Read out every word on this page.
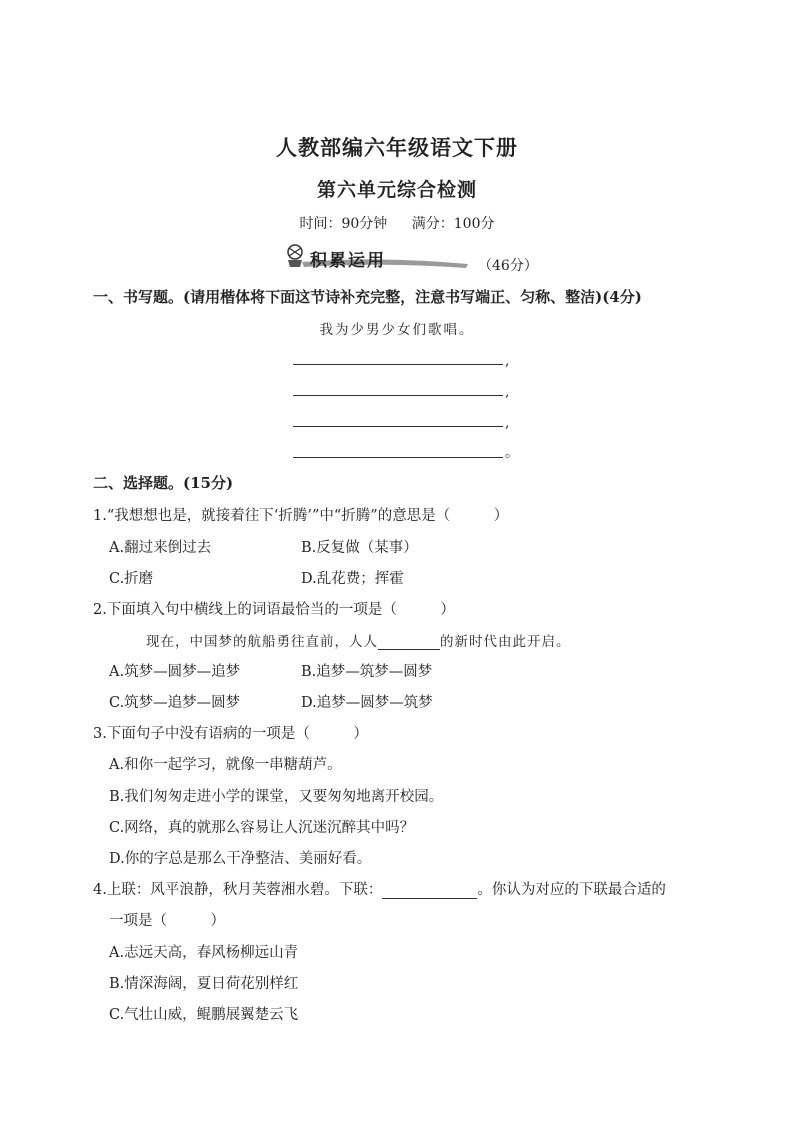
人教部编六年级语文下册
第六单元综合检测
时间：90分钟 满分：100分
积累运用	（46分）
一、书写题。(请用楷体将下面这节诗补充完整，注意书写端正、匀称、整洁)(4分)
我为少男少女们歌唱。
,
,
,
。
二、选择题。(15分)
1.“我想想也是，就接着往下‘折腾’”中“折腾”的意思是（　　　）
A.翻过来倒过去	B.反复做（某事）
C.折磨	D.乱花费；挥霍
2.下面填入句中横线上的词语最恰当的一项是（　　　）
现在，中国梦的航船勇往直前，人人	的新时代由此开启。
A.筑梦—圆梦—追梦	B.追梦—筑梦—圆梦
C.筑梦—追梦—圆梦	D.追梦—圆梦—筑梦
3.下面句子中没有语病的一项是（　　　）
A.和你一起学习，就像一串糖葫芦。
B.我们匆匆走进小学的课堂，又要匆匆地离开校园。
C.网络，真的就那么容易让人沉迷沉醉其中吗？
D.你的字总是那么干净整洁、美丽好看。
4.上联：风平浪静，秋月芙蓉湘水碧。下联：	。你认为对应的下联最合适的
一项是（　　　）
A.志远天高，春风杨柳远山青
B.情深海阔，夏日荷花别样红
C.气壮山威，鲲鹏展翼楚云飞
